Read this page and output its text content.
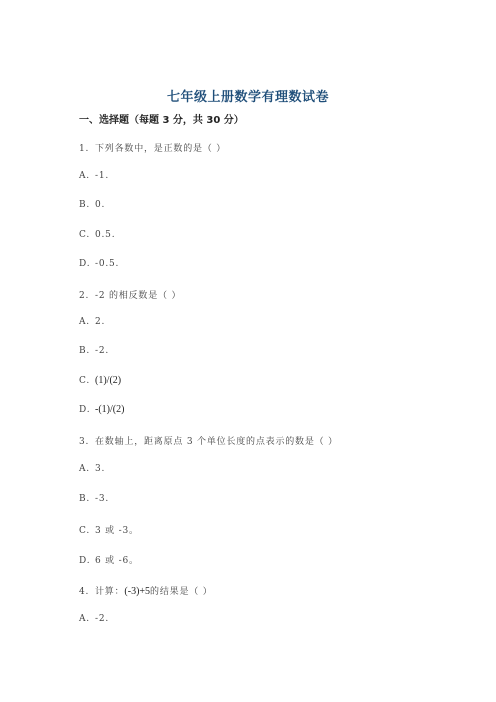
七年级上册数学有理数试卷
一、选择题（每题 3 分，共 30 分）
1. 下列各数中，是正数的是（ ）
A. -1.
B. 0.
C. 0.5.
D. -0.5.
2. -2 的相反数是（ ）
A. 2.
B. -2.
C. (1)/(2)
D. -(1)/(2)
3. 在数轴上，距离原点 3 个单位长度的点表示的数是（ ）
A. 3.
B. -3.
C. 3 或 -3。
D. 6 或 -6。
4. 计算：(-3)+5的结果是（ ）
A. -2.
